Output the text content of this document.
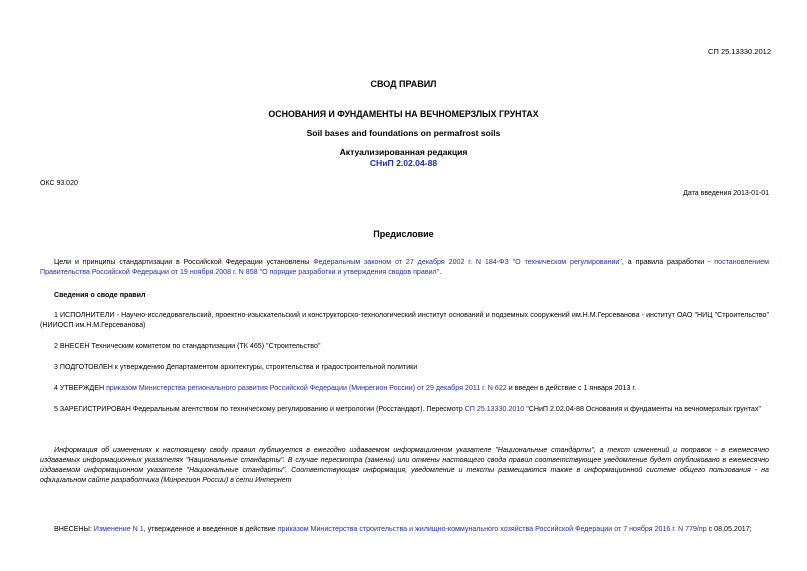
СП 25.13330.2012
СВОД ПРАВИЛ
ОСНОВАНИЯ И ФУНДАМЕНТЫ НА ВЕЧНОМЕРЗЛЫХ ГРУНТАХ
Soil bases and foundations on permafrost soils
Актуализированная редакция
СНиП 2.02.04-88
ОКС 93.020
Дата введения 2013-01-01
Предисловие
Цели и принципы стандартизации в Российской Федерации установлены Федеральным законом от 27 декабря 2002 г. N 184-ФЗ "О техническом регулировании", а правила разработки - постановлением Правительства Российской Федерации от 19 ноября 2008 г. N 858 "О порядке разработки и утверждения сводов правил".
Сведения о своде правил
1 ИСПОЛНИТЕЛИ - Научно-исследовательский, проектно-изыскательский и конструкторско-технологический институт оснований и подземных сооружений им.Н.М.Герсеванова - институт ОАО "НИЦ "Строительство" (НИИОСП им.Н.М.Герсеванова)
2 ВНЕСЕН Техническим комитетом по стандартизации (ТК 465) "Строительство"
3 ПОДГОТОВЛЕН к утверждению Департаментом архитектуры, строительства и градостроительной политики
4 УТВЕРЖДЕН приказом Министерства регионального развития Российской Федерации (Минрегион России) от 29 декабря 2011 г. N 622 и введен в действие с 1 января 2013 г.
5 ЗАРЕГИСТРИРОВАН Федеральным агентством по техническому регулированию и метрологии (Росстандарт). Пересмотр СП 25.13330.2010 "СНиП 2.02.04-88 Основания и фундаменты на вечномерзлых грунтах"
Информация об изменениях к настоящему своду правил публикуется в ежегодно издаваемом информационном указателе "Национальные стандарты", а текст изменений и поправок - в ежемесячно издаваемых информационных указателях "Национальные стандарты". В случае пересмотра (замены) или отмены настоящего свода правил соответствующее уведомление будет опубликовано в ежемесячно издаваемом информационном указателе "Национальные стандарты". Соответствующая информация, уведомление и тексты размещаются также в информационной системе общего пользования - на официальном сайте разработчика (Минрегион России) в сети Интернет
ВНЕСЕНЫ: Изменение N 1, утвержденное и введенное в действие приказом Министерства строительства и жилищно-коммунального хозяйства Российской Федерации от 7 ноября 2016 г. N 779/пр с 08.05.2017;
